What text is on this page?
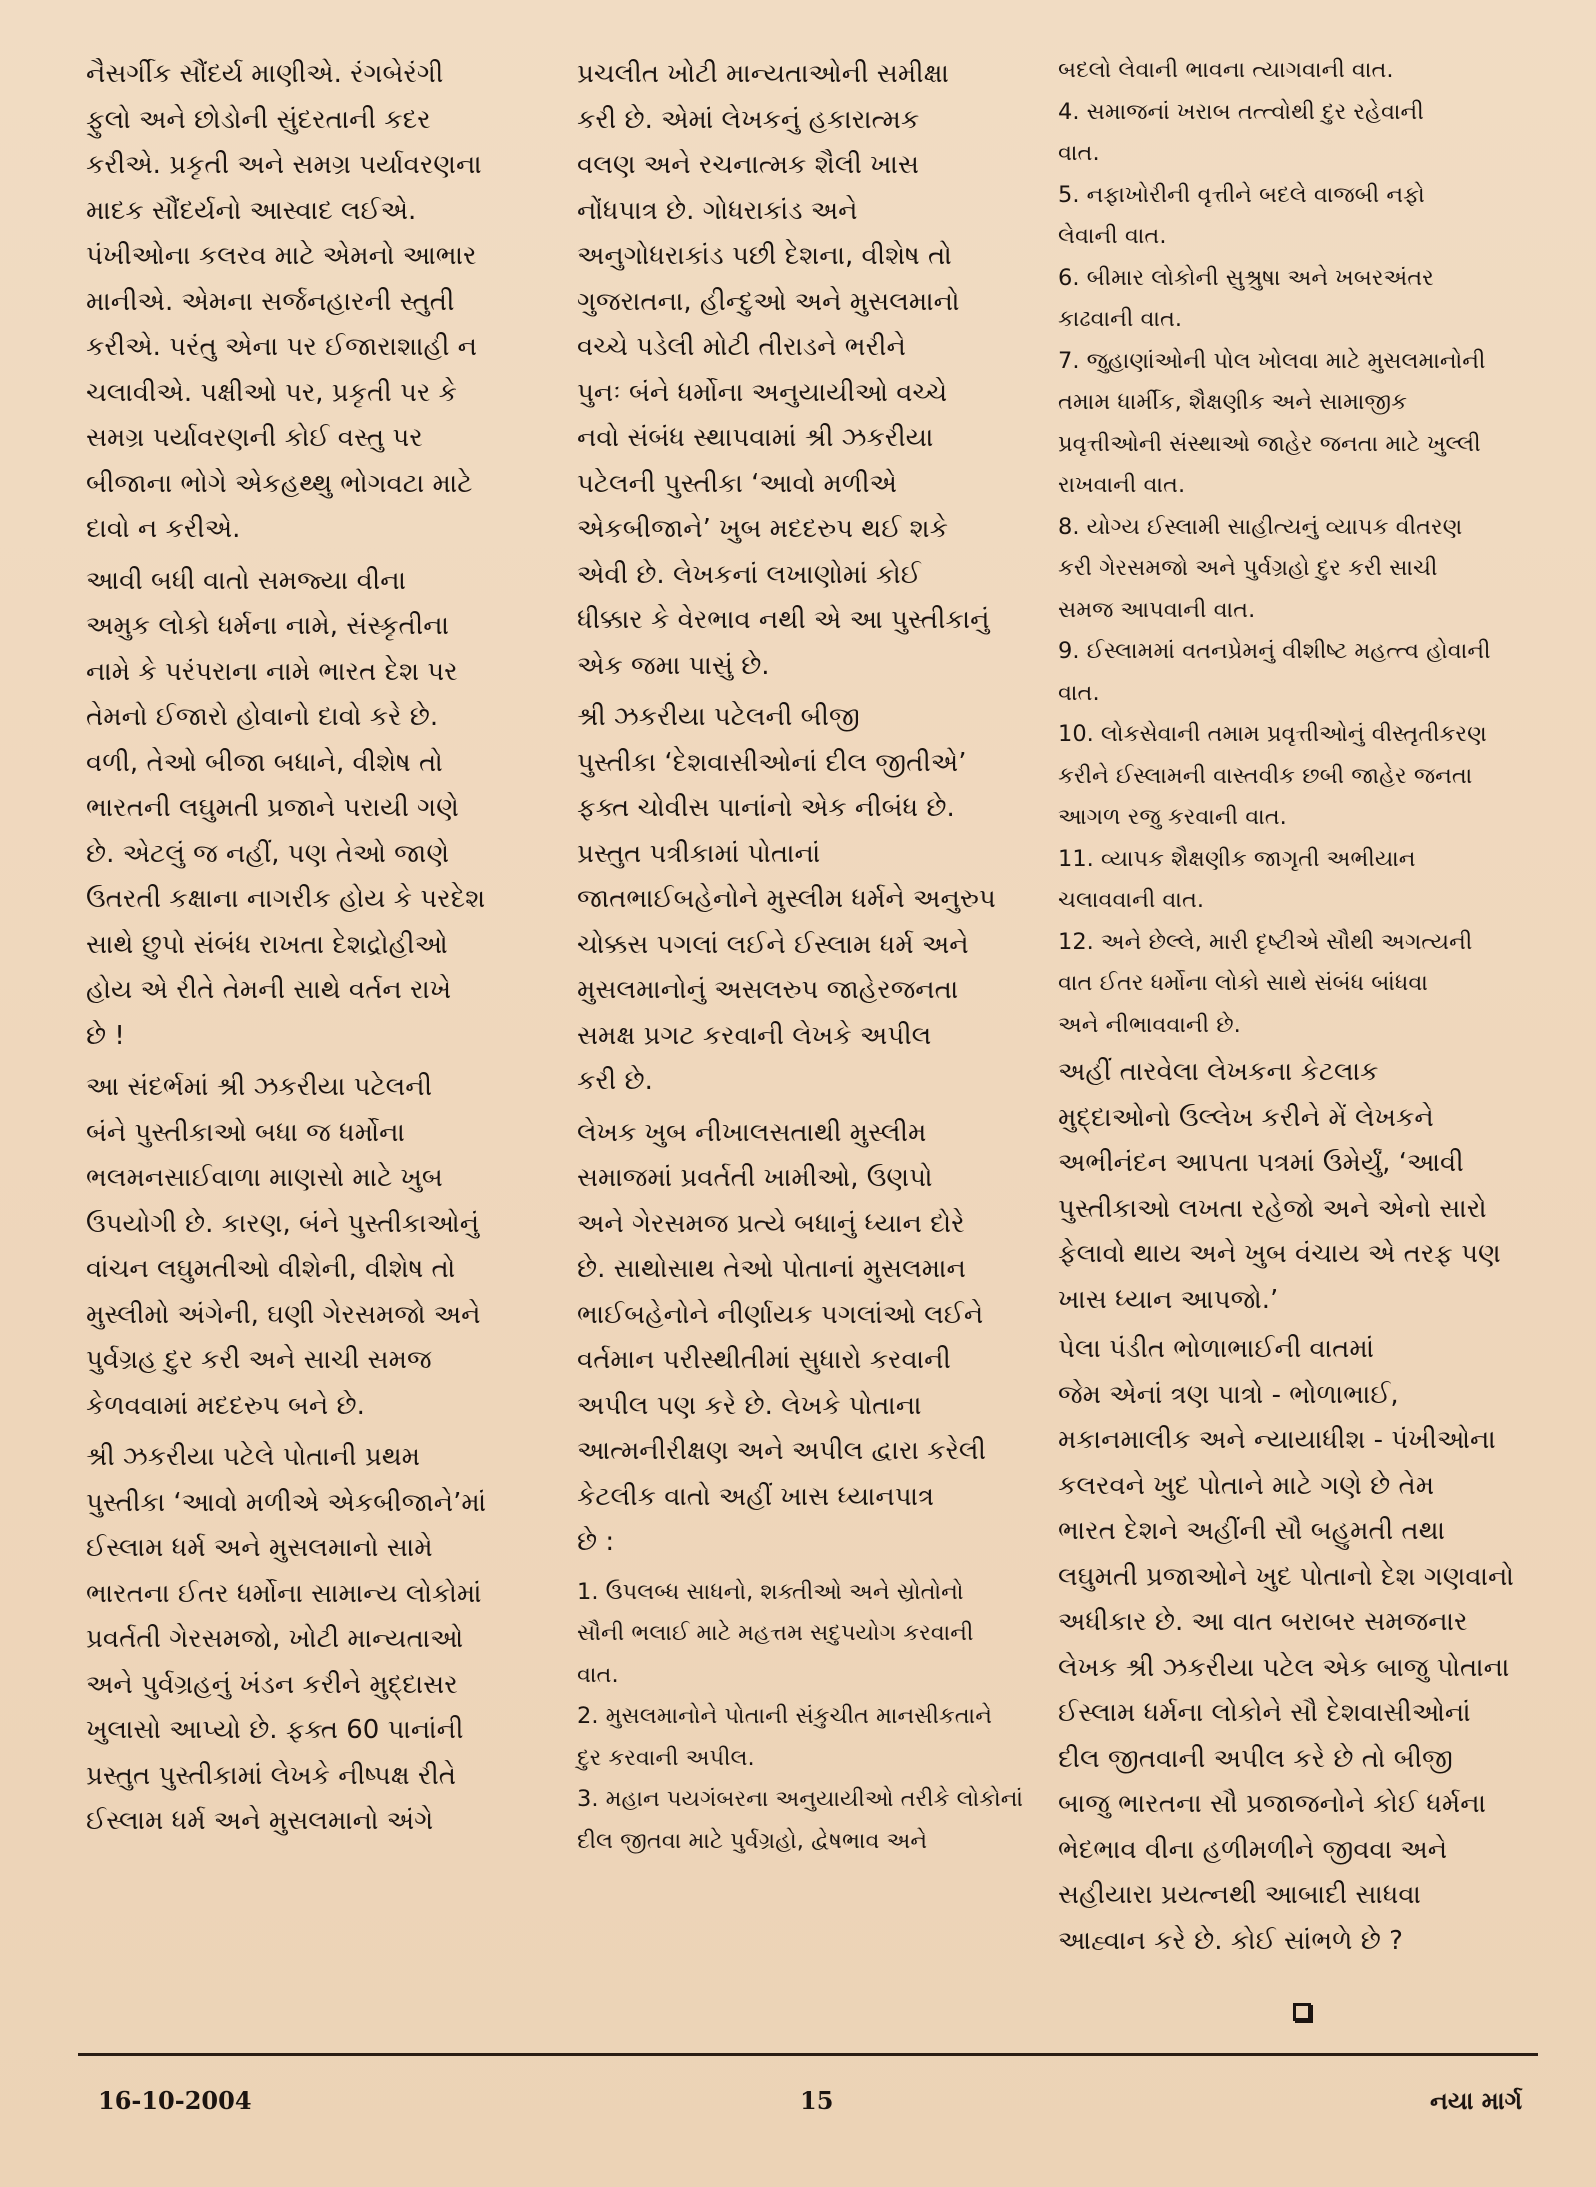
નૈસર્ગીક સૌંદર્ય માણીએ. રંગબેરંગી
ફુલો અને છોડોની સુંદરતાની કદર
કરીએ. પ્રકૃતી અને સમગ્ર પર્યાવરણના
માદક સૌંદર્યનો આસ્વાદ લઈએ.
પંખીઓના કલરવ માટે એમનો આભાર
માનીએ. એમના સર્જનહારની સ્તુતી
કરીએ. પરંતુ એના પર ઈજારાશાહી ન
ચલાવીએ. પક્ષીઓ પર, પ્રકૃતી પર કે
સમગ્ર પર્યાવરણની કોઈ વસ્તુ પર
બીજાના ભોગે એકહથ્થુ ભોગવટા માટે
દાવો ન કરીએ.

આવી બધી વાતો સમજ્યા વીના
અમુક લોકો ધર્મના નામે, સંસ્કૃતીના
નામે કે પરંપરાના નામે ભારત દેશ પર
તેમનો ઈજારો હોવાનો દાવો કરે છે.
વળી, તેઓ બીજા બધાને, વીશેષ તો
ભારતની લઘુમતી પ્રજાને પરાયી ગણે
છે. એટલું જ નહીં, પણ તેઓ જાણે
ઉતરતી કક્ષાના નાગરીક હોય કે પરદેશ
સાથે છુપો સંબંધ રાખતા દેશદ્રોહીઓ
હોય એ રીતે તેમની સાથે વર્તન રાખે
છે !

આ સંદર્ભમાં શ્રી ઝકરીયા પટેલની
બંને પુસ્તીકાઓ બધા જ ધર્મોના
ભલમનસાઈવાળા માણસો માટે ખુબ
ઉપયોગી છે. કારણ, બંને પુસ્તીકાઓનું
વાંચન લઘુમતીઓ વીશેની, વીશેષ તો
મુસ્લીમો અંગેની, ઘણી ગેરસમજો અને
પુર્વગ્રહ દુર કરી અને સાચી સમજ
કેળવવામાં મદદરુપ બને છે.

શ્રી ઝકરીયા પટેલે પોતાની પ્રથમ
પુસ્તીકા ‘આવો મળીએ એકબીજાને’માં
ઈસ્લામ ધર્મ અને મુસલમાનો સામે
ભારતના ઈતર ધર્મોના સામાન્ય લોકોમાં
પ્રવર્તતી ગેરસમજો, ખોટી માન્યતાઓ
અને પુર્વગ્રહનું ખંડન કરીને મુદ્દાસર
ખુલાસો આપ્યો છે. ફક્ત 60 પાનાંની
પ્રસ્તુત પુસ્તીકામાં લેખકે નીષ્પક્ષ રીતે
ઈસ્લામ ધર્મ અને મુસલમાનો અંગે

પ્રચલીત ખોટી માન્યતાઓની સમીક્ષા
કરી છે. એમાં લેખકનું હકારાત્મક
વલણ અને રચનાત્મક શૈલી ખાસ
નોંધપાત્ર છે. ગોધરાકાંડ અને
અનુગોધરાકાંડ પછી દેશના, વીશેષ તો
ગુજરાતના, હીન્દુઓ અને મુસલમાનો
વચ્ચે પડેલી મોટી તીરાડને ભરીને
પુનઃ બંને ધર્મોના અનુયાયીઓ વચ્ચે
નવો સંબંધ સ્થાપવામાં શ્રી ઝકરીયા
પટેલની પુસ્તીકા ‘આવો મળીએ
એકબીજાને’ ખુબ મદદરુપ થઈ શકે
એવી છે. લેખકનાં લખાણોમાં કોઈ
ધીક્કાર કે વેરભાવ નથી એ આ પુસ્તીકાનું
એક જમા પાસું છે.

શ્રી ઝકરીયા પટેલની બીજી
પુસ્તીકા ‘દેશવાસીઓનાં દીલ જીતીએ’
ફક્ત ચોવીસ પાનાંનો એક નીબંધ છે.
પ્રસ્તુત પત્રીકામાં પોતાનાં
જાતભાઈબહેનોને મુસ્લીમ ધર્મને અનુરુપ
ચોક્કસ પગલાં લઈને ઈસ્લામ ધર્મ અને
મુસલમાનોનું અસલરુપ જાહેરજનતા
સમક્ષ પ્રગટ કરવાની લેખકે અપીલ
કરી છે.

લેખક ખુબ નીખાલસતાથી મુસ્લીમ
સમાજમાં પ્રવર્તતી ખામીઓ, ઉણપો
અને ગેરસમજ પ્રત્યે બધાનું ધ્યાન દોરે
છે. સાથોસાથ તેઓ પોતાનાં મુસલમાન
ભાઈબહેનોને નીર્ણાયક પગલાંઓ લઈને
વર્તમાન પરીસ્થીતીમાં સુધારો કરવાની
અપીલ પણ કરે છે. લેખકે પોતાના
આત્મનીરીક્ષણ અને અપીલ દ્વારા કરેલી
કેટલીક વાતો અહીં ખાસ ધ્યાનપાત્ર
છે :

1. ઉપલબ્ધ સાધનો, શક્તીઓ અને સ્રોતોનો
સૌની ભલાઈ માટે મહત્તમ સદુપયોગ કરવાની
વાત.

2. મુસલમાનોને પોતાની સંકુચીત માનસીકતાને
દુર કરવાની અપીલ.

3. મહાન પયગંબરના અનુયાયીઓ તરીકે લોકોનાં
દીલ જીતવા માટે પુર્વગ્રહો, દ્વેષભાવ અને

બદલો લેવાની ભાવના ત્યાગવાની વાત.

4. સમાજનાં ખરાબ તત્ત્વોથી દુર રહેવાની
વાત.

5. નફાખોરીની વૃત્તીને બદલે વાજબી નફો
લેવાની વાત.

6. બીમાર લોકોની સુશ્રુષા અને ખબરઅંતર
કાઢવાની વાત.

7. જુહાણાંઓની પોલ ખોલવા માટે મુસલમાનોની
તમામ ધાર્મીક, શૈક્ષણીક અને સામાજીક
પ્રવૃત્તીઓની સંસ્થાઓ જાહેર જનતા માટે ખુલ્લી
રાખવાની વાત.

8. યોગ્ય ઈસ્લામી સાહીત્યનું વ્યાપક વીતરણ
કરી ગેરસમજો અને પુર્વગ્રહો દુર કરી સાચી
સમજ આપવાની વાત.

9. ઈસ્લામમાં વતનપ્રેમનું વીશીષ્ટ મહત્ત્વ હોવાની
વાત.

10. લોકસેવાની તમામ પ્રવૃત્તીઓનું વીસ્તૃતીકરણ
કરીને ઈસ્લામની વાસ્તવીક છબી જાહેર જનતા
આગળ રજુ કરવાની વાત.

11. વ્યાપક શૈક્ષણીક જાગૃતી અભીયાન
ચલાવવાની વાત.

12. અને છેલ્લે, મારી દૃષ્ટીએ સૌથી અગત્યની
વાત ઈતર ધર્મોના લોકો સાથે સંબંધ બાંધવા
અને નીભાવવાની છે.

અહીં તારવેલા લેખકના કેટલાક
મુદ્દાઓનો ઉલ્લેખ કરીને મેં લેખકને
અભીનંદન આપતા પત્રમાં ઉમેર્યું, ‘આવી
પુસ્તીકાઓ લખતા રહેજો અને એનો સારો
ફેલાવો થાય અને ખુબ વંચાય એ તરફ પણ
ખાસ ધ્યાન આપજો.’

પેલા પંડીત ભોળાભાઈની વાતમાં
જેમ એનાં ત્રણ પાત્રો - ભોળાભાઈ,
મકાનમાલીક અને ન્યાયાધીશ - પંખીઓના
કલરવને ખુદ પોતાને માટે ગણે છે તેમ
ભારત દેશને અહીંની સૌ બહુમતી તથા
લઘુમતી પ્રજાઓને ખુદ પોતાનો દેશ ગણવાનો
અધીકાર છે. આ વાત બરાબર સમજનાર
લેખક શ્રી ઝકરીયા પટેલ એક બાજુ પોતાના
ઈસ્લામ ધર્મના લોકોને સૌ દેશવાસીઓનાં
દીલ જીતવાની અપીલ કરે છે તો બીજી
બાજુ ભારતના સૌ પ્રજાજનોને કોઈ ધર્મના
ભેદભાવ વીના હળીમળીને જીવવા અને
સહીયારા પ્રયત્નથી આબાદી સાધવા
આહ્વાન કરે છે. કોઈ સાંભળે છે ?

16-10-2004	15	નયા માર્ગ
